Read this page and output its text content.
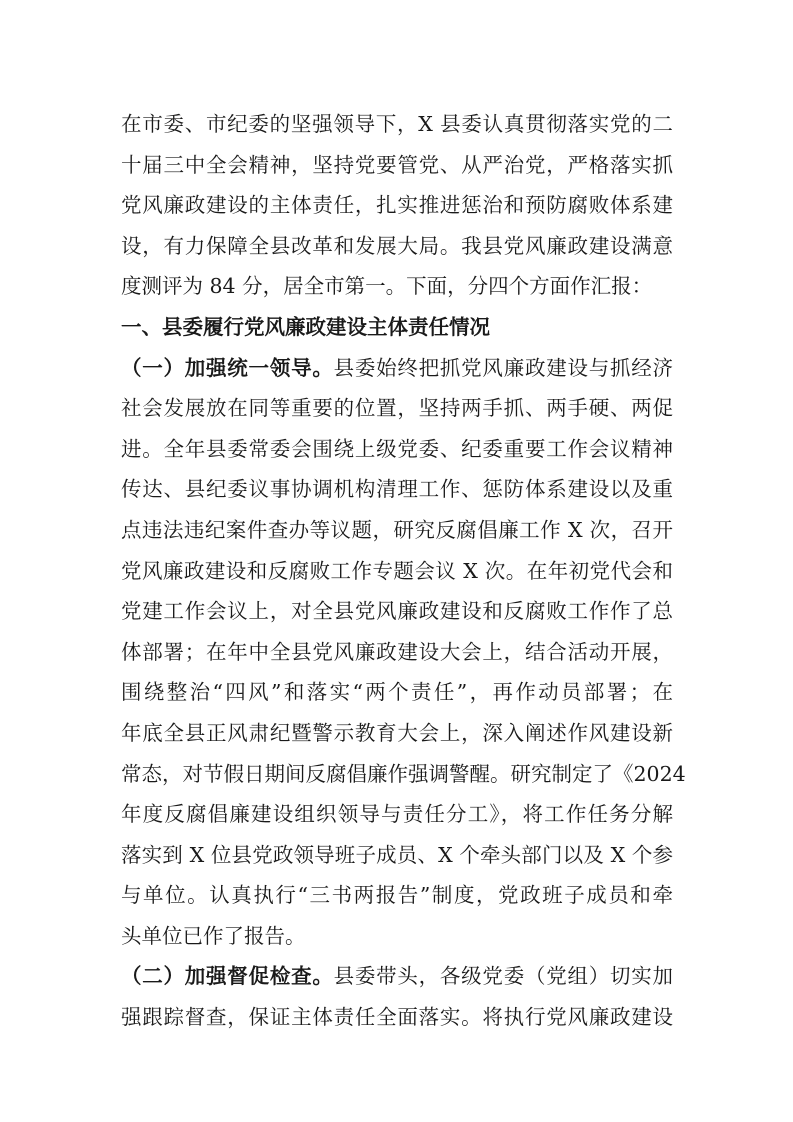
在市委、市纪委的坚强领导下，X 县委认真贯彻落实党的二
十届三中全会精神，坚持党要管党、从严治党，严格落实抓
党风廉政建设的主体责任，扎实推进惩治和预防腐败体系建
设，有力保障全县改革和发展大局。我县党风廉政建设满意
度测评为 84 分，居全市第一。下面，分四个方面作汇报：
一、县委履行党风廉政建设主体责任情况
（一）加强统一领导。县委始终把抓党风廉政建设与抓经济
社会发展放在同等重要的位置，坚持两手抓、两手硬、两促
进。全年县委常委会围绕上级党委、纪委重要工作会议精神
传达、县纪委议事协调机构清理工作、惩防体系建设以及重
点违法违纪案件查办等议题，研究反腐倡廉工作 X 次，召开
党风廉政建设和反腐败工作专题会议 X 次。在年初党代会和
党建工作会议上，对全县党风廉政建设和反腐败工作作了总
体部署；在年中全县党风廉政建设大会上，结合活动开展，
围绕整治“四风”和落实“两个责任”，再作动员部署；在
年底全县正风肃纪暨警示教育大会上，深入阐述作风建设新
常态，对节假日期间反腐倡廉作强调警醒。研究制定了《2024
年度反腐倡廉建设组织领导与责任分工》，将工作任务分解
落实到 X 位县党政领导班子成员、X 个牵头部门以及 X 个参
与单位。认真执行“三书两报告”制度，党政班子成员和牵
头单位已作了报告。
（二）加强督促检查。县委带头，各级党委（党组）切实加
强跟踪督查，保证主体责任全面落实。将执行党风廉政建设
